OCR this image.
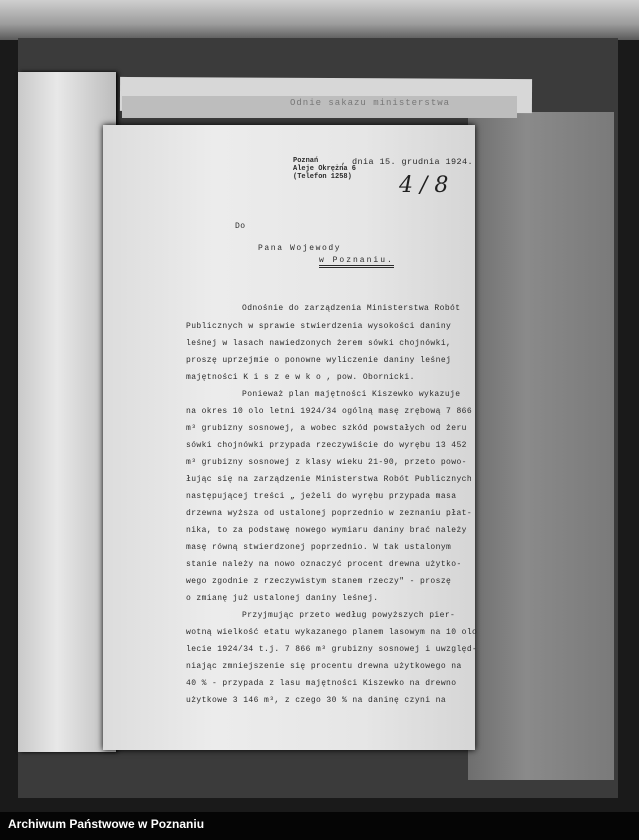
Odnie sakazu ministerstwa
Poznań
Aleje Okrężna 6
(Telefon 1258)
, dnia 15. grudnia 1924.
4 / 8
Do
Pana Wojewody
w Poznaniu.
Odnośnie do zarządzenia Ministerstwa Robót
Publicznych w sprawie stwierdzenia wysokości daniny
leśnej w lasach nawiedzonych żerem sówki chojnówki,
proszę uprzejmie o ponowne wyliczenie daniny leśnej
majętności K i s z e w k o , pow. Obornicki.
Ponieważ plan majętności Kiszewko wykazuje
na okres 10 olo letni 1924/34 ogólną masę zrębową 7 866
m³ grubizny sosnowej, a wobec szkód powstałych od żeru
sówki chojnówki przypada rzeczywiście do wyrębu 13 452
m³ grubizny sosnowej z klasy wieku 21-90, przeto powo-
łując się na zarządzenie Ministerstwa Robót Publicznych
następującej treści „ jeżeli do wyrębu przypada masa
drzewna wyższa od ustalonej poprzednio w zeznaniu płat-
nika, to za podstawę nowego wymiaru daniny brać należy
masę równą stwierdzonej poprzednio. W tak ustalonym
stanie należy na nowo oznaczyć procent drewna użytko-
wego zgodnie z rzeczywistym stanem rzeczy" - proszę
o zmianę już ustalonej daniny leśnej.
Przyjmując przeto według powyższych pier-
wotną wielkość etatu wykazanego planem lasowym na 10 olo
lecie 1924/34 t.j. 7 866 m³ grubizny sosnowej i uwzględ-
niając zmniejszenie się procentu drewna użytkowego na
40 % - przypada z lasu majętności Kiszewko na drewno
użytkowe 3 146 m³, z czego 30 % na daninę czyni na
Archiwum Państwowe w Poznaniu
